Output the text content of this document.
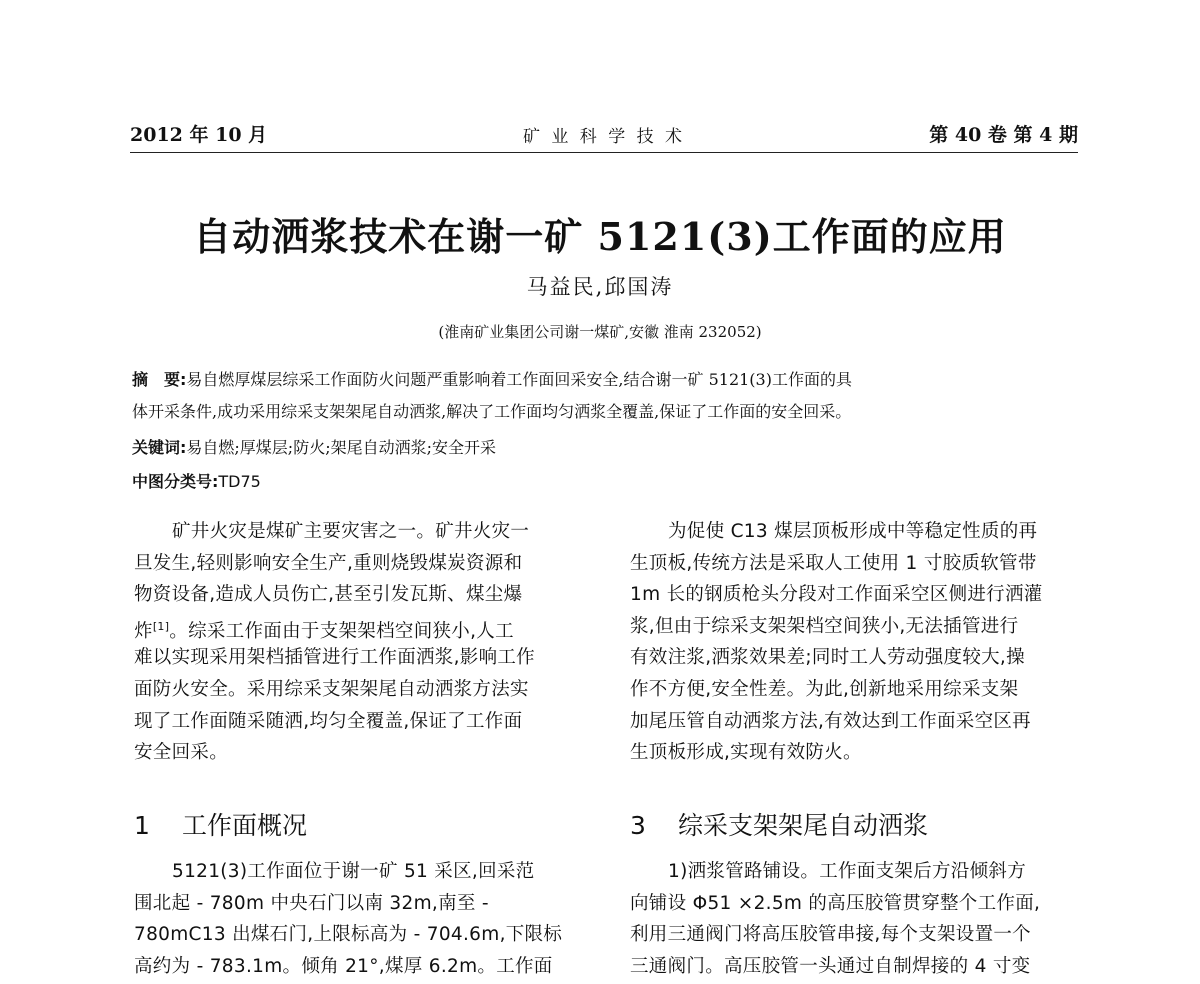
2012 年 10 月	矿 业 科 学 技 术	第 40 卷 第 4 期
自动洒浆技术在谢一矿 5121(3)工作面的应用
马益民,邱国涛
(淮南矿业集团公司谢一煤矿,安徽 淮南 232052)
摘　要:易自燃厚煤层综采工作面防火问题严重影响着工作面回采安全,结合谢一矿 5121(3)工作面的具
体开采条件,成功采用综采支架架尾自动洒浆,解决了工作面均匀洒浆全覆盖,保证了工作面的安全回采。
关键词:易自燃;厚煤层;防火;架尾自动洒浆;安全开采
中图分类号:TD75
矿井火灾是煤矿主要灾害之一。矿井火灾一
旦发生,轻则影响安全生产,重则烧毁煤炭资源和
物资设备,造成人员伤亡,甚至引发瓦斯、煤尘爆
炸[1]。综采工作面由于支架架档空间狭小,人工
难以实现采用架档插管进行工作面洒浆,影响工作
面防火安全。采用综采支架架尾自动洒浆方法实
现了工作面随采随洒,均匀全覆盖,保证了工作面
安全回采。
1 工作面概况
5121(3)工作面位于谢一矿 51 采区,回采范
围北起 - 780m 中央石门以南 32m,南至 -
780mC13 出煤石门,上限标高为 - 704.6m,下限标
高约为 - 783.1m。倾角 21°,煤厚 6.2m。工作面
为促使 C13 煤层顶板形成中等稳定性质的再
生顶板,传统方法是采取人工使用 1 寸胶质软管带
1m 长的钢质枪头分段对工作面采空区侧进行洒灌
浆,但由于综采支架架档空间狭小,无法插管进行
有效注浆,洒浆效果差;同时工人劳动强度较大,操
作不方便,安全性差。为此,创新地采用综采支架
加尾压管自动洒浆方法,有效达到工作面采空区再
生顶板形成,实现有效防火。
3 综采支架架尾自动洒浆
1)洒浆管路铺设。工作面支架后方沿倾斜方
向铺设 Φ51 ×2.5m 的高压胶管贯穿整个工作面,
利用三通阀门将高压胶管串接,每个支架设置一个
三通阀门。高压胶管一头通过自制焊接的 4 寸变
